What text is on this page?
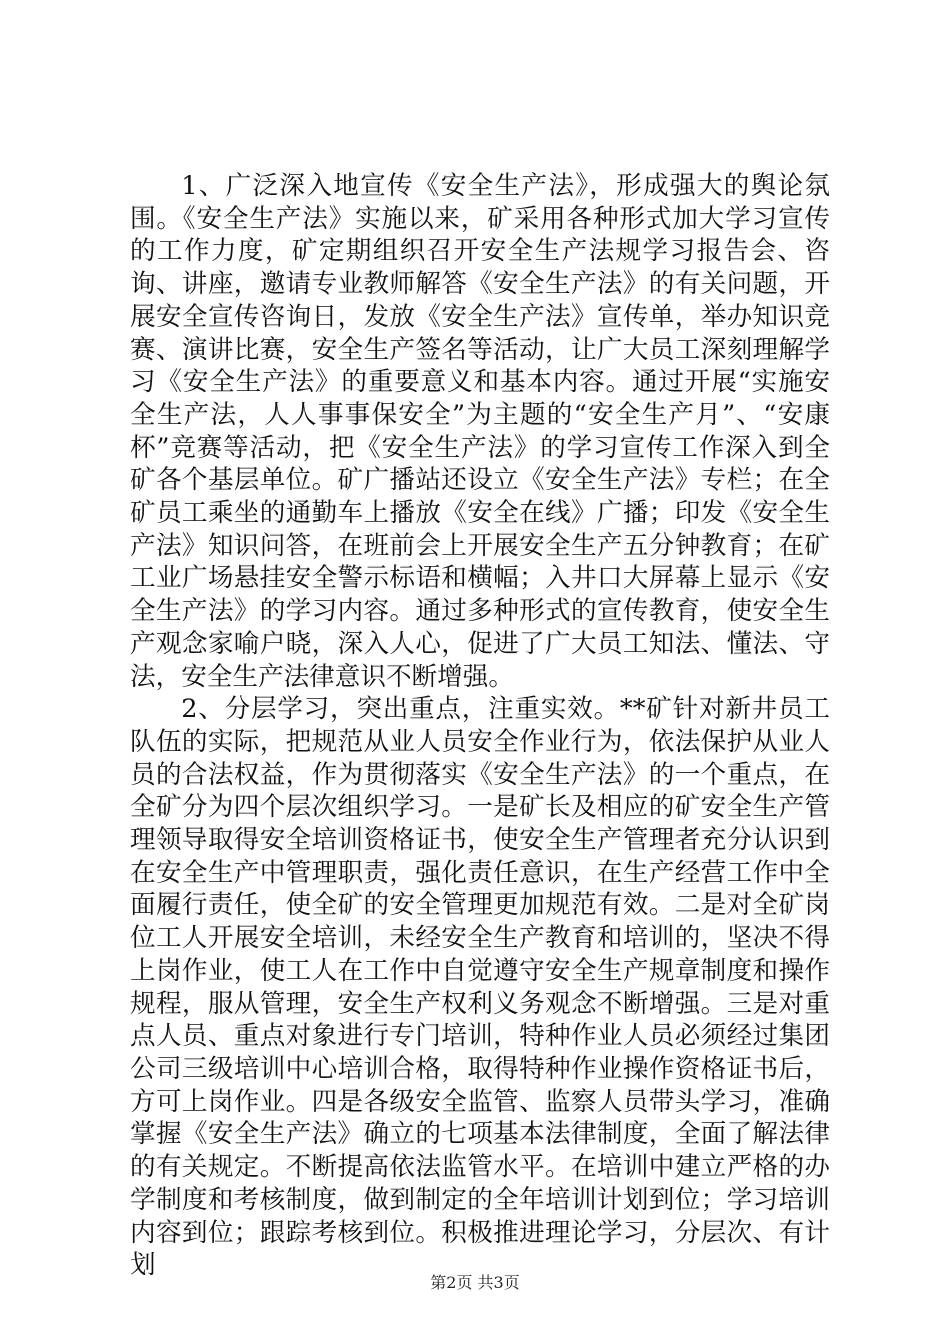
1、广泛深入地宣传《安全生产法》，形成强大的舆论氛围。《安全生产法》实施以来，矿采用各种形式加大学习宣传的工作力度，矿定期组织召开安全生产法规学习报告会、咨询、讲座，邀请专业教师解答《安全生产法》的有关问题，开展安全宣传咨询日，发放《安全生产法》宣传单，举办知识竞赛、演讲比赛，安全生产签名等活动，让广大员工深刻理解学习《安全生产法》的重要意义和基本内容。通过开展“实施安全生产法，人人事事保安全”为主题的“安全生产月”、“安康杯”竞赛等活动，把《安全生产法》的学习宣传工作深入到全矿各个基层单位。矿广播站还设立《安全生产法》专栏；在全矿员工乘坐的通勤车上播放《安全在线》广播；印发《安全生产法》知识问答，在班前会上开展安全生产五分钟教育；在矿工业广场悬挂安全警示标语和横幅；入井口大屏幕上显示《安全生产法》的学习内容。通过多种形式的宣传教育，使安全生产观念家喻户晓，深入人心，促进了广大员工知法、懂法、守法，安全生产法律意识不断增强。

2、分层学习，突出重点，注重实效。**矿针对新井员工队伍的实际，把规范从业人员安全作业行为，依法保护从业人员的合法权益，作为贯彻落实《安全生产法》的一个重点，在全矿分为四个层次组织学习。一是矿长及相应的矿安全生产管理领导取得安全培训资格证书，使安全生产管理者充分认识到在安全生产中管理职责，强化责任意识，在生产经营工作中全面履行责任，使全矿的安全管理更加规范有效。二是对全矿岗位工人开展安全培训，未经安全生产教育和培训的，坚决不得上岗作业，使工人在工作中自觉遵守安全生产规章制度和操作规程，服从管理，安全生产权利义务观念不断增强。三是对重点人员、重点对象进行专门培训，特种作业人员必须经过集团公司三级培训中心培训合格，取得特种作业操作资格证书后，方可上岗作业。四是各级安全监管、监察人员带头学习，准确掌握《安全生产法》确立的七项基本法律制度，全面了解法律的有关规定。不断提高依法监管水平。在培训中建立严格的办学制度和考核制度，做到制定的全年培训计划到位；学习培训内容到位；跟踪考核到位。积极推进理论学习，分层次、有计划

第2页 共3页
